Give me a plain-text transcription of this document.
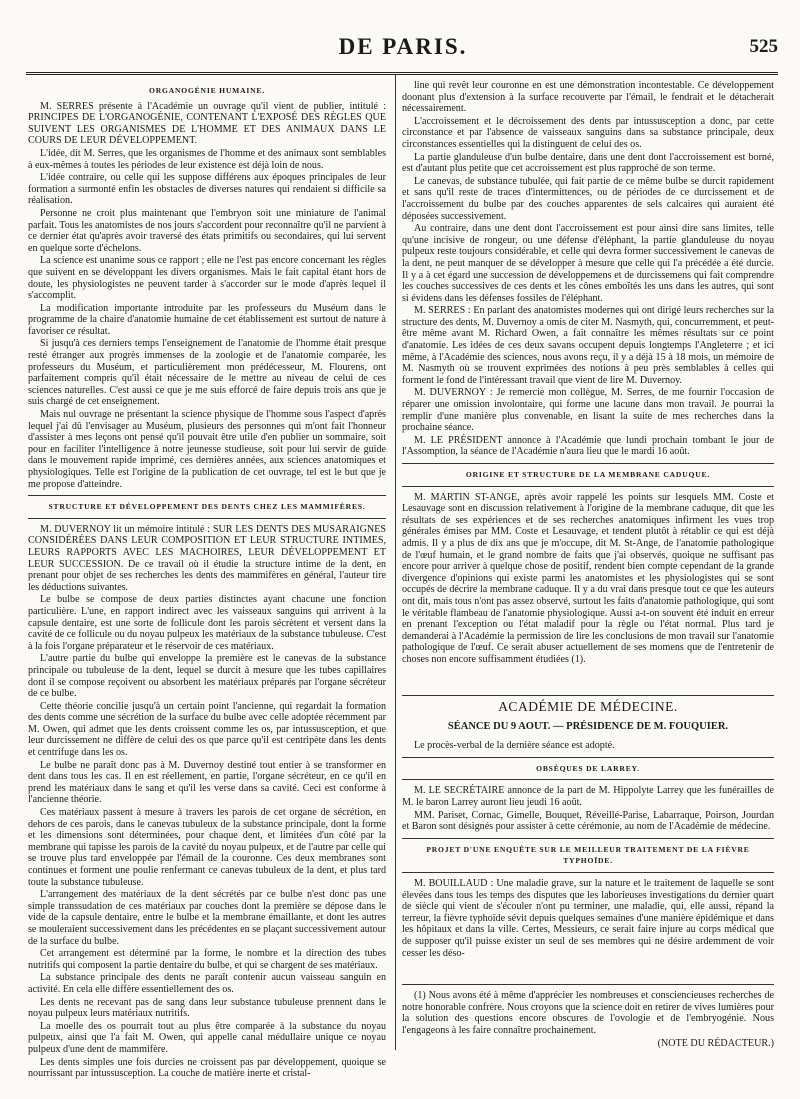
DE PARIS.	525
ORGANOGÉNIE HUMAINE.

M. SERRES présente à l'Académie un ouvrage qu'il vient de publier, intitulé : PRINCIPES DE L'ORGANOGÉNIE, CONTENANT L'EXPOSÉ DES RÈGLES QUE SUIVENT LES ORGANISMES DE L'HOMME ET DES ANIMAUX DANS LE COURS DE LEUR DÉVELOPPEMENT.

L'idée, dit M. Serres, que les organismes de l'homme et des animaux sont semblables à eux-mêmes à toutes les périodes de leur existence est déjà loin de nous.

L'idée contraire, ou celle qui les suppose différens aux époques principales de leur formation a surmonté enfin les obstacles de diverses natures qui rendaient si difficile sa réalisation.

Personne ne croit plus maintenant que l'embryon soit une miniature de l'animal parfait. Tous les anatomistes de nos jours s'accordent pour reconnaître qu'il ne parvient à ce dernier état qu'après avoir traversé des états primitifs ou secondaires, qui lui servent en quelque sorte d'échelons.

La science est unanime sous ce rapport ; elle ne l'est pas encore concernant les règles que suivent en se développant les divers organismes. Mais le fait capital étant hors de doute, les physiologistes ne peuvent tarder à s'accorder sur le mode d'après lequel il s'accomplit.

La modification importante introduite par les professeurs du Muséum dans le programme de la chaire d'anatomie humaine de cet établissement est surtout de nature à favoriser ce résultat.

Si jusqu'à ces derniers temps l'enseignement de l'anatomie de l'homme était presque resté étranger aux progrès immenses de la zoologie et de l'anatomie comparée, les professeurs du Muséum, et particulièrement mon prédécesseur, M. Flourens, ont parfaitement compris qu'il était nécessaire de le mettre au niveau de celui de ces sciences naturelles. C'est aussi ce que je me suis efforcé de faire depuis trois ans que je suis chargé de cet enseignement.

Mais nul ouvrage ne présentant la science physique de l'homme sous l'aspect d'après lequel j'ai dû l'envisager au Muséum, plusieurs des personnes qui m'ont fait l'honneur d'assister à mes leçons ont pensé qu'il pouvait être utile d'en publier un sommaire, soit pour en faciliter l'intelligence à notre jeunesse studieuse, soit pour lui servir de guide dans le mouvement rapide imprimé, ces dernières années, aux sciences anatomiques et physiologiques. Telle est l'origine de la publication de cet ouvrage, tel est le but que je me propose d'atteindre.

STRUCTURE ET DÉVELOPPEMENT DES DENTS CHEZ LES MAMMIFÈRES.

M. DUVERNOY lit un mémoire intitulé : SUR LES DENTS DES MUSARAIGNES CONSIDÉRÉES DANS LEUR COMPOSITION ET LEUR STRUCTURE INTIMES, LEURS RAPPORTS AVEC LES MACHOIRES, LEUR DÉVELOPPEMENT ET LEUR SUCCESSION. De ce travail où il étudie la structure intime de la dent, en prenant pour objet de ses recherches les dents des mammifères en général, l'auteur tire les déductions suivantes.

Le bulbe se compose de deux parties distinctes ayant chacune une fonction particulière. L'une, en rapport indirect avec les vaisseaux sanguins qui arrivent à la capsule dentaire, est une sorte de follicule dont les parois sécrètent et versent dans la cavité de ce follicule ou du noyau pulpeux les matériaux de la substance tubuleuse. C'est à la fois l'organe préparateur et le réservoir de ces matériaux.

L'autre partie du bulbe qui enveloppe la première est le canevas de la substance principale ou tubuleuse de la dent, lequel se durcit à mesure que les tubes capillaires dont il se compose reçoivent ou absorbent les matériaux préparés par l'organe sécréteur de ce bulbe.

Cette théorie concilie jusqu'à un certain point l'ancienne, qui regardait la formation des dents comme une sécrétion de la surface du bulbe avec celle adoptée récemment par M. Owen, qui admet que les dents croissent comme les os, par intussusception, et que leur durcissement ne diffère de celui des os que parce qu'il est centripète dans les dents et centrifuge dans les os.

Le bulbe ne paraît donc pas à M. Duvernoy destiné tout entier à se transformer en dent dans tous les cas. Il en est réellement, en partie, l'organe sécréteur, en ce qu'il en prend les matériaux dans le sang et qu'il les verse dans sa cavité. Ceci est conforme à l'ancienne théorie.

Ces matériaux passent à mesure à travers les parois de cet organe de sécrétion, en dehors de ces parois, dans le canevas tubuleux de la substance principale, dont la forme et les dimensions sont déterminées, pour chaque dent, et limitées d'un côté par la membrane qui tapisse les parois de la cavité du noyau pulpeux, et de l'autre par celle qui se trouve plus tard enveloppée par l'émail de la couronne. Ces deux membranes sont continues et forment une poulie renfermant ce canevas tubuleux de la dent, et plus tard toute la substance tubuleuse.

L'arrangement des matériaux de la dent sécrétés par ce bulbe n'est donc pas une simple transsudation de ces matériaux par couches dont la première se dépose dans le vide de la capsule dentaire, entre le bulbe et la membrane émaillante, et dont les autres se mouleraient successivement dans les précédentes en se plaçant successivement autour de la surface du bulbe.

Cet arrangement est déterminé par la forme, le nombre et la direction des tubes nutritifs qui composent la partie dentaire du bulbe, et qui se chargent de ses matériaux.

La substance principale des dents ne paraît contenir aucun vaisseau sanguin en activité. En cela elle diffère essentiellement des os.

Les dents ne recevant pas de sang dans leur substance tubuleuse prennent dans le noyau pulpeux leurs matériaux nutritifs.

La moelle des os pourrait tout au plus être comparée à la substance du noyau pulpeux, ainsi que l'a fait M. Owen, qui appelle canal médullaire unique ce noyau pulpeux d'une dent de mammifère.

Les dents simples une fois durcies ne croissent pas par développement, quoique se nourrissant par intussusception. La couche de matière inerte et cristal-

line qui revêt leur couronne en est une démonstration incontestable. Ce développement doonant plus d'extension à la surface recouverte par l'émail, le fendrait et le détacherait nécessairement.

L'accroissement et le décroissement des dents par intussusception a donc, par cette circonstance et par l'absence de vaisseaux sanguins dans sa substance principale, deux circonstances essentielles qui la distinguent de celui des os.

La partie glanduleuse d'un bulbe dentaire, dans une dent dont l'accroissement est borné, est d'autant plus petite que cet accroissement est plus rapproché de son terme.

Le canevas, de substance tubulée, qui fait partie de ce même bulbe se durcit rapidement et sans qu'il reste de traces d'intermittences, ou de périodes de ce durcissement et de l'accroissement du bulbe par des couches apparentes de sels calcaires qui auraient été déposées successivement.

Au contraire, dans une dent dont l'accroissement est pour ainsi dire sans limites, telle qu'une incisive de rongeur, ou une défense d'éléphant, la partie glanduleuse du noyau pulpeux reste toujours considérable, et celle qui devra former successivement le canevas de la dent, ne peut manquer de se développer à mesure que celle qui l'a précédée a été durcie. Il y a à cet égard une succession de développemens et de durcissemens qui fait comprendre les couches successives de ces dents et les cônes emboîtés les uns dans les autres, qui sont si évidens dans les défenses fossiles de l'éléphant.

M. SERRES : En parlant des anatomistes modernes qui ont dirigé leurs recherches sur la structure des dents, M. Duvernoy a omis de citer M. Nasmyth, qui, concurremment, et peut-être même avant M. Richard Owen, a fait connaître les mêmes résultats sur ce point d'anatomie. Les idées de ces deux savans occupent depuis longtemps l'Angleterre ; et ici même, à l'Académie des sciences, nous avons reçu, il y a déjà 15 à 18 mois, un mémoire de M. Nasmyth où se trouvent exprimées des notions à peu près semblables à celles qui forment le fond de l'intéressant travail que vient de lire M. Duvernoy.

M. DUVERNOY : Je remercie mon collègue, M. Serres, de me fournir l'occasion de réparer une omission involontaire, qui forme une lacune dans mon travail. Je pourrai la remplir d'une manière plus convenable, en lisant la suite de mes recherches dans la prochaine séance.

M. LE PRÉSIDENT annonce à l'Académie que lundi prochain tombant le jour de l'Assomption, la séance de l'Académie n'aura lieu que le mardi 16 août.

ORIGINE ET STRUCTURE DE LA MEMBRANE CADUQUE.

M. MARTIN ST-ANGE, après avoir rappelé les points sur lesquels MM. Coste et Lesauvage sont en discussion relativement à l'origine de la membrane caduque, dit que les résultats de ses expériences et de ses recherches anatomiques infirment les vues trop générales émises par MM. Coste et Lesauvage, et tendent plutôt à rétablir ce qui est déjà admis. Il y a plus de dix ans que je m'occupe, dit M. St-Ange, de l'anatomie pathologique de l'œuf humain, et le grand nombre de faits que j'ai observés, quoique ne suffisant pas encore pour arriver à quelque chose de positif, rendent bien compte cependant de la grande divergence d'opinions qui existe parmi les anatomistes et les physiologistes qui se sont occupés de décrire la membrane caduque. Il y a du vrai dans presque tout ce que les auteurs ont dit, mais tous n'ont pas assez observé, surtout les faits d'anatomie pathologique, qui sont le véritable flambeau de l'anatomie physiologique. Aussi a-t-on souvent été induit en erreur en prenant l'exception ou l'état maladif pour la règle ou l'état normal. Plus tard je demanderai à l'Académie la permission de lire les conclusions de mon travail sur l'anatomie pathologique de l'œuf. Ce serait abuser actuellement de ses momens que de l'entretenir de choses non encore suffisamment étudiées (1).

ACADÉMIE DE MÉDECINE.
SÉANCE DU 9 AOUT. — PRÉSIDENCE DE M. FOUQUIER.

Le procès-verbal de la dernière séance est adopté.

OBSÈQUES DE LARREY.

M. LE SECRÉTAIRE annonce de la part de M. Hippolyte Larrey que les funérailles de M. le baron Larrey auront lieu jeudi 16 août.

MM. Pariset, Cornac, Gimelle, Bouquet, Réveillé-Parise, Labarraque, Poirson, Jourdan et Baron sont désignés pour assister à cette cérémonie, au nom de l'Académie de médecine.

PROJET D'UNE ENQUÊTE SUR LE MEILLEUR TRAITEMENT DE LA FIÈVRE TYPHOÏDE.

M. BOUILLAUD : Une maladie grave, sur la nature et le traitement de laquelle se sont élevées dans tous les temps des disputes que les laborieuses investigations du dernier quart de siècle qui vient de s'écouler n'ont pu terminer, une maladie, qui, elle aussi, répand la terreur, la fièvre typhoïde sévit depuis quelques semaines d'une manière épidémique et dans les hôpitaux et dans la ville. Certes, Messieurs, ce serait faire injure au corps médical que de supposer qu'il puisse exister un seul de ses membres qui ne désire ardemment de voir cesser les déso-

(1) Nous avons été à même d'apprécier les nombreuses et consciencieuses recherches de notre honorable confrère. Nous croyons que la science doit en retirer de vives lumières pour la solution des questions encore obscures de l'ovologie et de l'embryogénie. Nous l'engageons à les faire connaître prochainement.

(NOTE DU RÉDACTEUR.)
